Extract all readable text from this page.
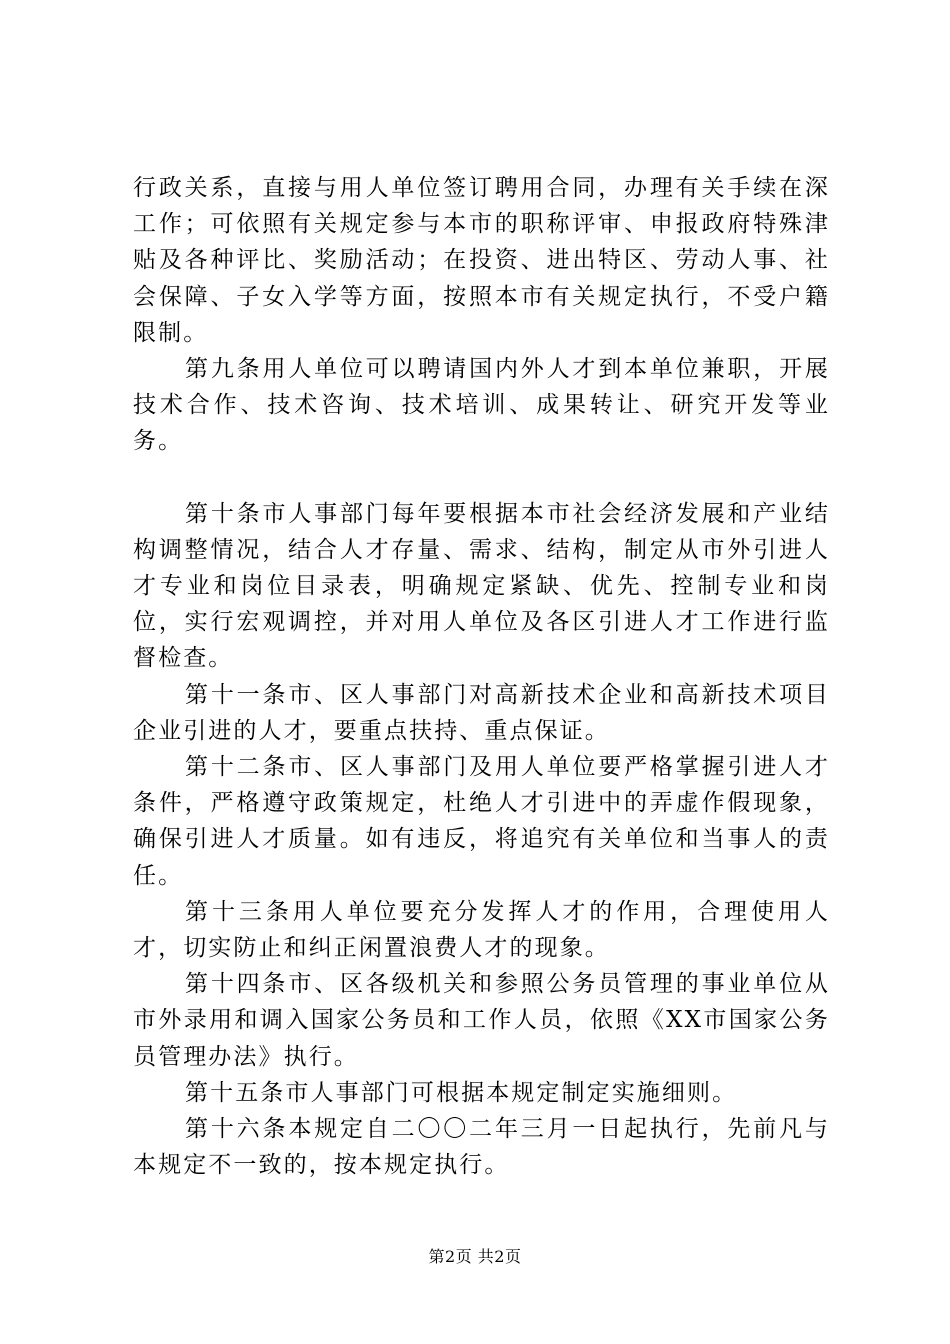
行政关系，直接与用人单位签订聘用合同，办理有关手续在深工作；可依照有关规定参与本市的职称评审、申报政府特殊津贴及各种评比、奖励活动；在投资、进出特区、劳动人事、社会保障、子女入学等方面，按照本市有关规定执行，不受户籍限制。

第九条用人单位可以聘请国内外人才到本单位兼职，开展技术合作、技术咨询、技术培训、成果转让、研究开发等业务。

第十条市人事部门每年要根据本市社会经济发展和产业结构调整情况，结合人才存量、需求、结构，制定从市外引进人才专业和岗位目录表，明确规定紧缺、优先、控制专业和岗位，实行宏观调控，并对用人单位及各区引进人才工作进行监督检查。

第十一条市、区人事部门对高新技术企业和高新技术项目企业引进的人才，要重点扶持、重点保证。

第十二条市、区人事部门及用人单位要严格掌握引进人才条件，严格遵守政策规定，杜绝人才引进中的弄虚作假现象，确保引进人才质量。如有违反，将追究有关单位和当事人的责任。

第十三条用人单位要充分发挥人才的作用，合理使用人才，切实防止和纠正闲置浪费人才的现象。

第十四条市、区各级机关和参照公务员管理的事业单位从市外录用和调入国家公务员和工作人员，依照《XX市国家公务员管理办法》执行。

第十五条市人事部门可根据本规定制定实施细则。

第十六条本规定自二〇〇二年三月一日起执行，先前凡与本规定不一致的，按本规定执行。

第2页 共2页
